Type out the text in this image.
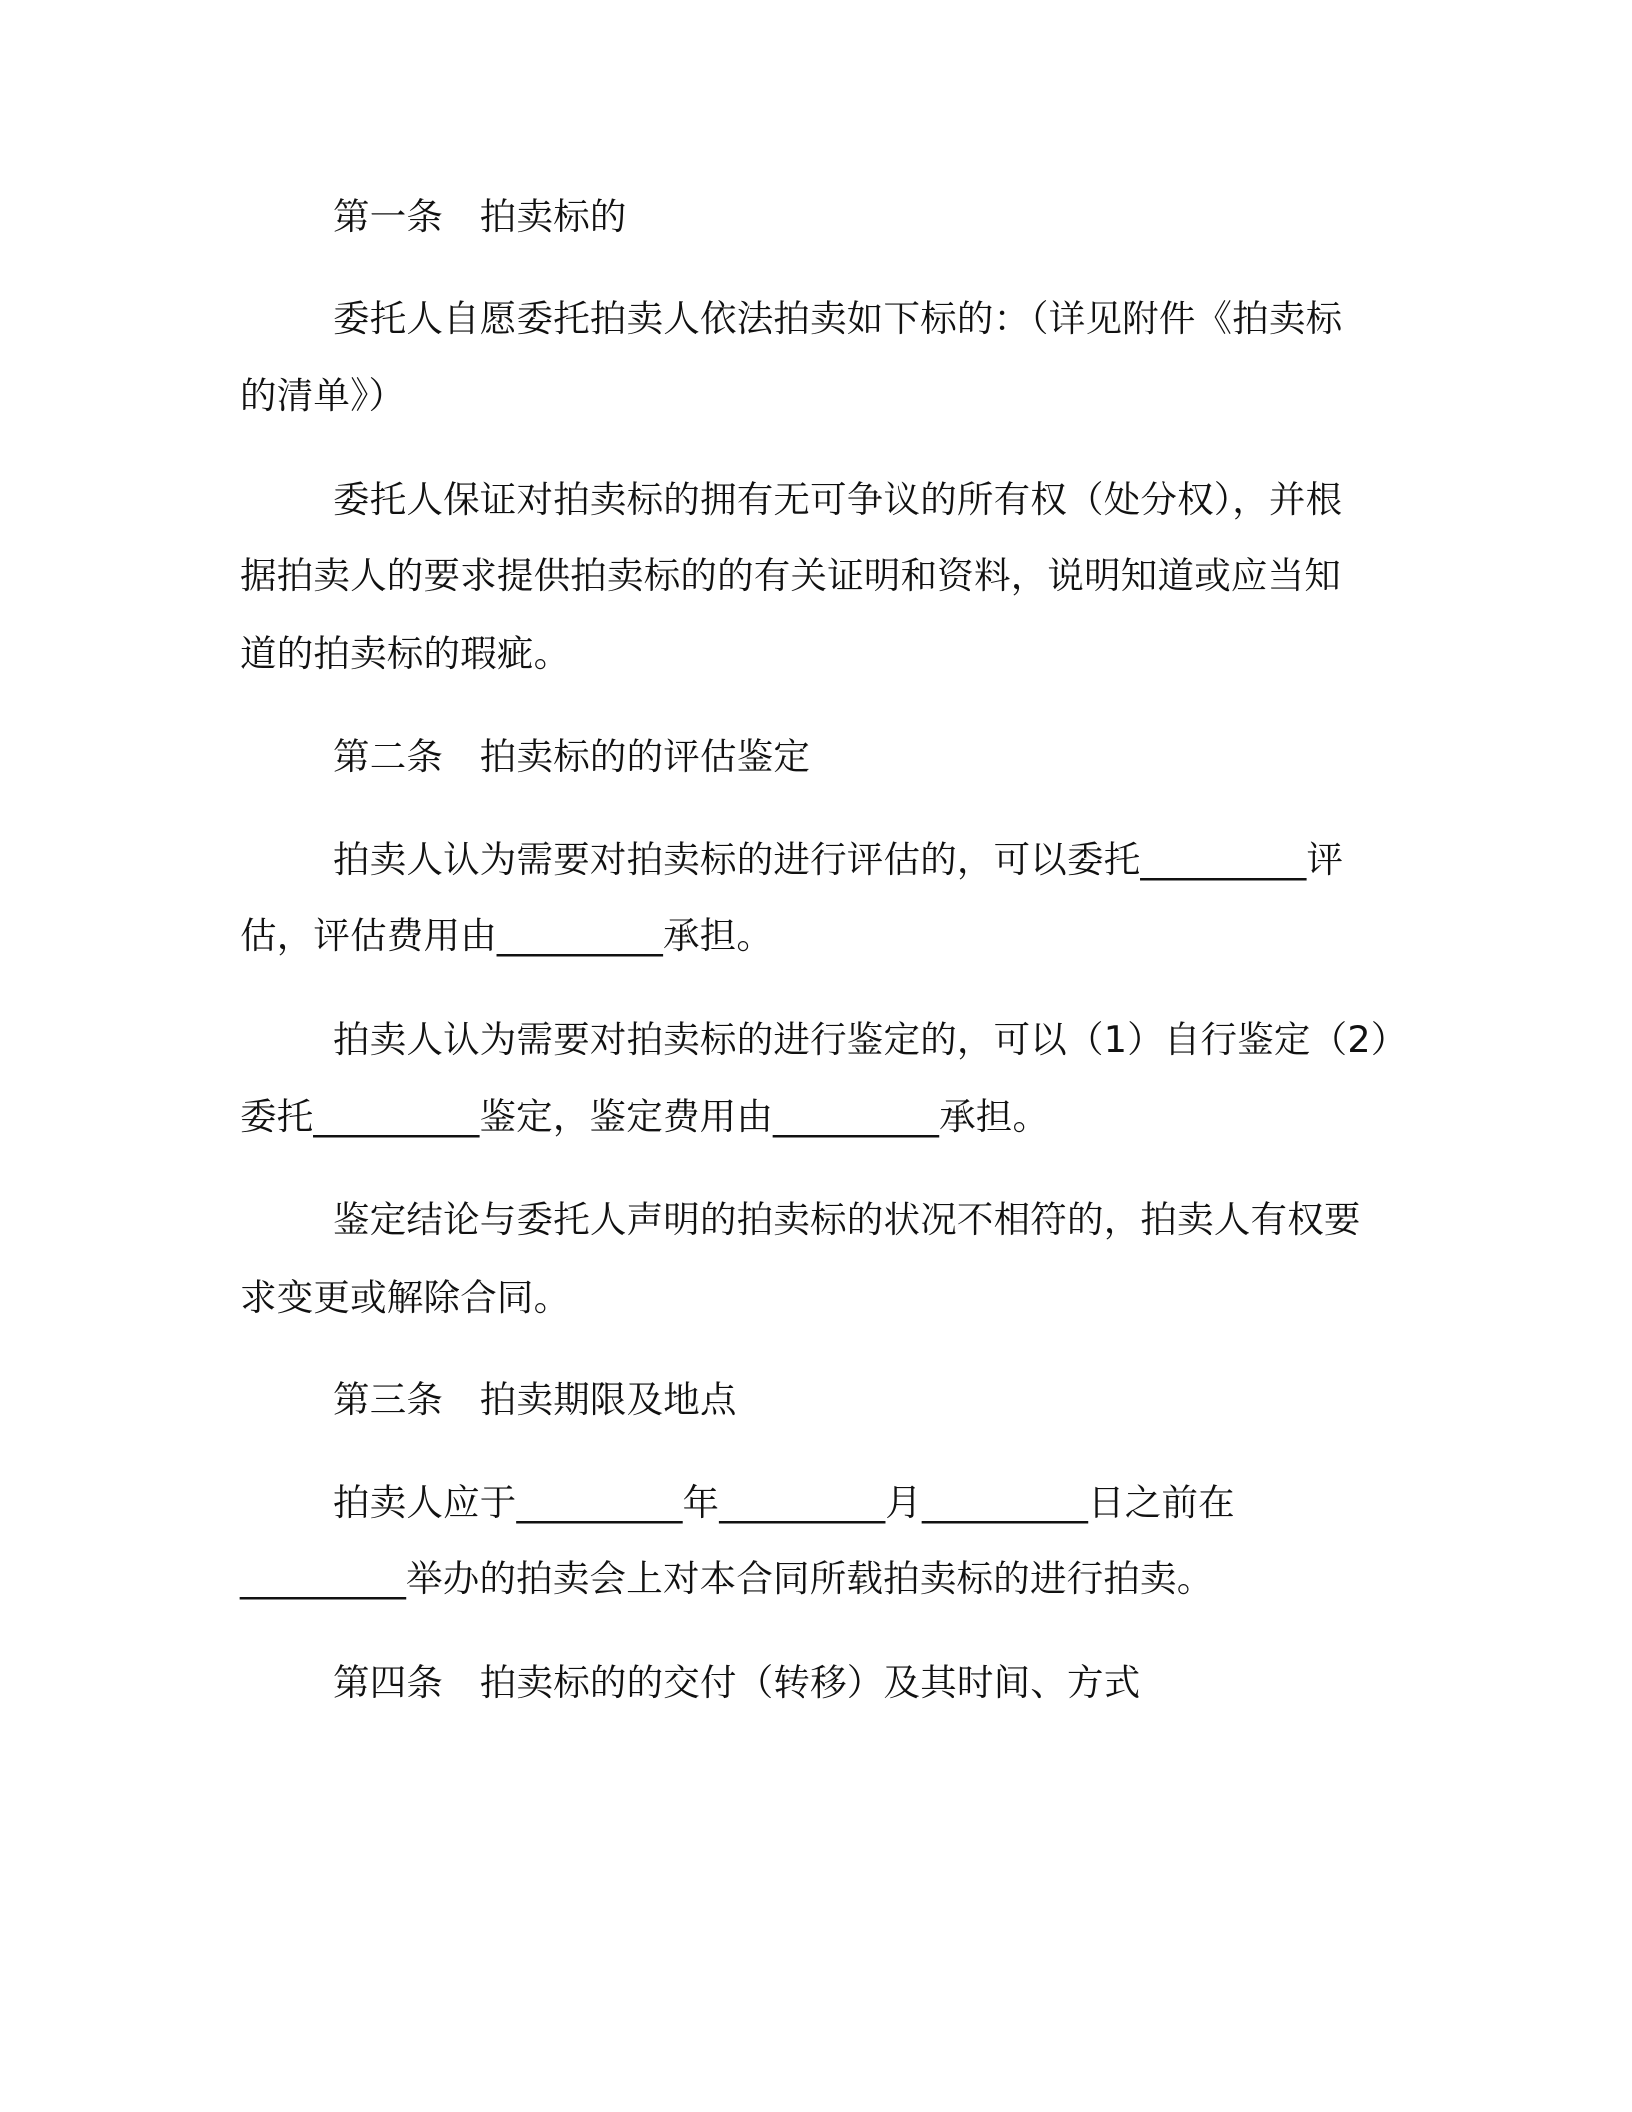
第一条　拍卖标的

委托人自愿委托拍卖人依法拍卖如下标的：（详见附件《拍卖标

的清单》）

委托人保证对拍卖标的拥有无可争议的所有权（处分权），并根

据拍卖人的要求提供拍卖标的的有关证明和资料，说明知道或应当知

道的拍卖标的瑕疵。

第二条　拍卖标的的评估鉴定

拍卖人认为需要对拍卖标的进行评估的，可以委托_________评

估，评估费用由_________承担。

拍卖人认为需要对拍卖标的进行鉴定的，可以（1）自行鉴定（2）

委托_________鉴定，鉴定费用由_________承担。

鉴定结论与委托人声明的拍卖标的状况不相符的，拍卖人有权要

求变更或解除合同。

第三条　拍卖期限及地点

拍卖人应于_________年_________月_________日之前在

_________举办的拍卖会上对本合同所载拍卖标的进行拍卖。

第四条　拍卖标的的交付（转移）及其时间、方式
